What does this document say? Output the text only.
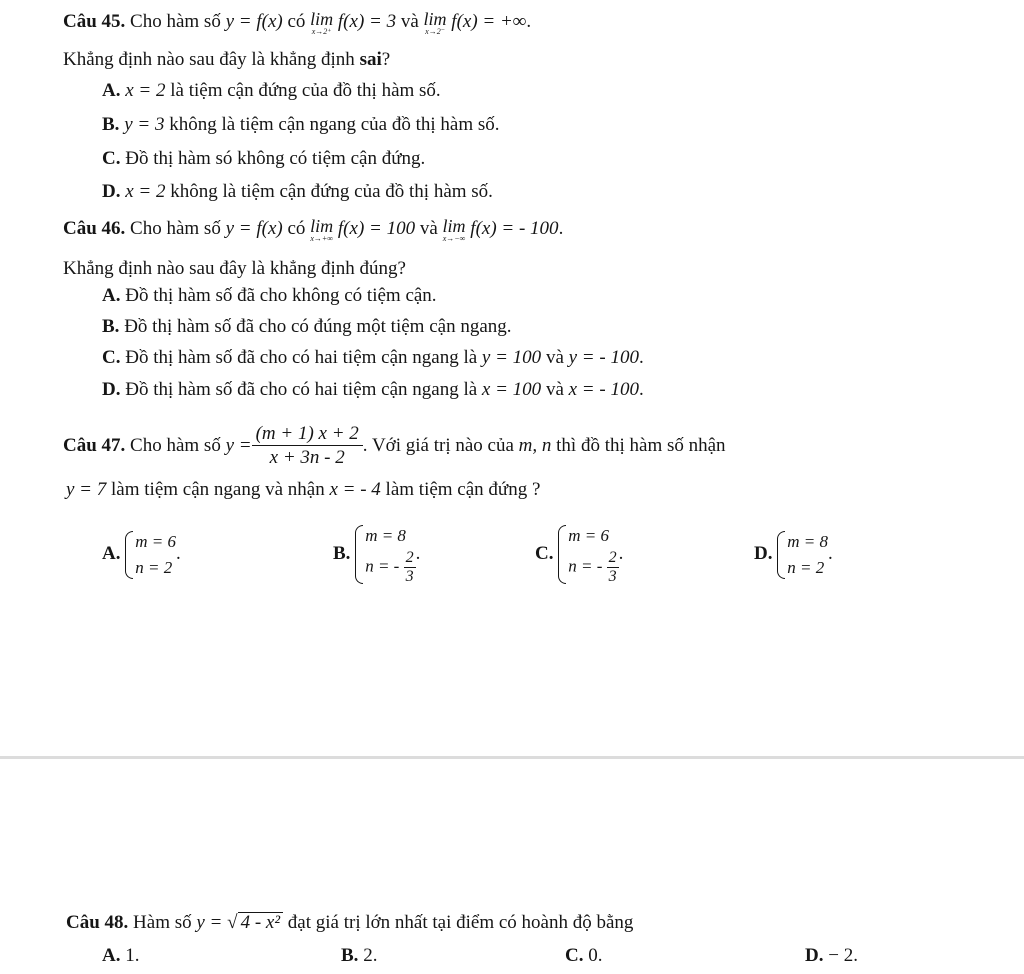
Câu 45. Cho hàm số y = f(x) có lim
x→2⁺ f(x) = 3 và lim
x→2⁻ f(x) = +∞.
Khẳng định nào sau đây là khẳng định sai?
A. x = 2 là tiệm cận đứng của đồ thị hàm số.
B. y = 3 không là tiệm cận ngang của đồ thị hàm số.
C. Đồ thị hàm só không có tiệm cận đứng.
D. x = 2 không là tiệm cận đứng của đồ thị hàm số.
Câu 46. Cho hàm số y = f(x) có lim
x→+∞ f(x) = 100 và lim
x→−∞ f(x) = - 100.
Khẳng định nào sau đây là khẳng định đúng?
A. Đồ thị hàm số đã cho không có tiệm cận.
B. Đồ thị hàm số đã cho có đúng một tiệm cận ngang.
C. Đồ thị hàm số đã cho có hai tiệm cận ngang là y = 100 và y = - 100.
D. Đồ thị hàm số đã cho có hai tiệm cận ngang là x = 100 và x = - 100.
Câu 47. Cho hàm số $y = \frac{(m + 1) x + 2}{x + 3n - 2}$ . Với giá trị nào của m, n thì đồ thị hàm số nhận
y = 7 làm tiệm cận ngang và nhận x = - 4 làm tiệm cận đứng ?
A.
m = 6
n = 2
.	B.
m = 8
n = - $\frac{2}{3}$ .	C.
m = 6
n = - $\frac{2}{3}$ .	D.
m = 8
n = 2
.
Câu 48. Hàm số y = √ 4 - x² đạt giá trị lớn nhất tại điểm có hoành độ bằng
A. 1.	B. 2.	C. 0.	D. − 2.
